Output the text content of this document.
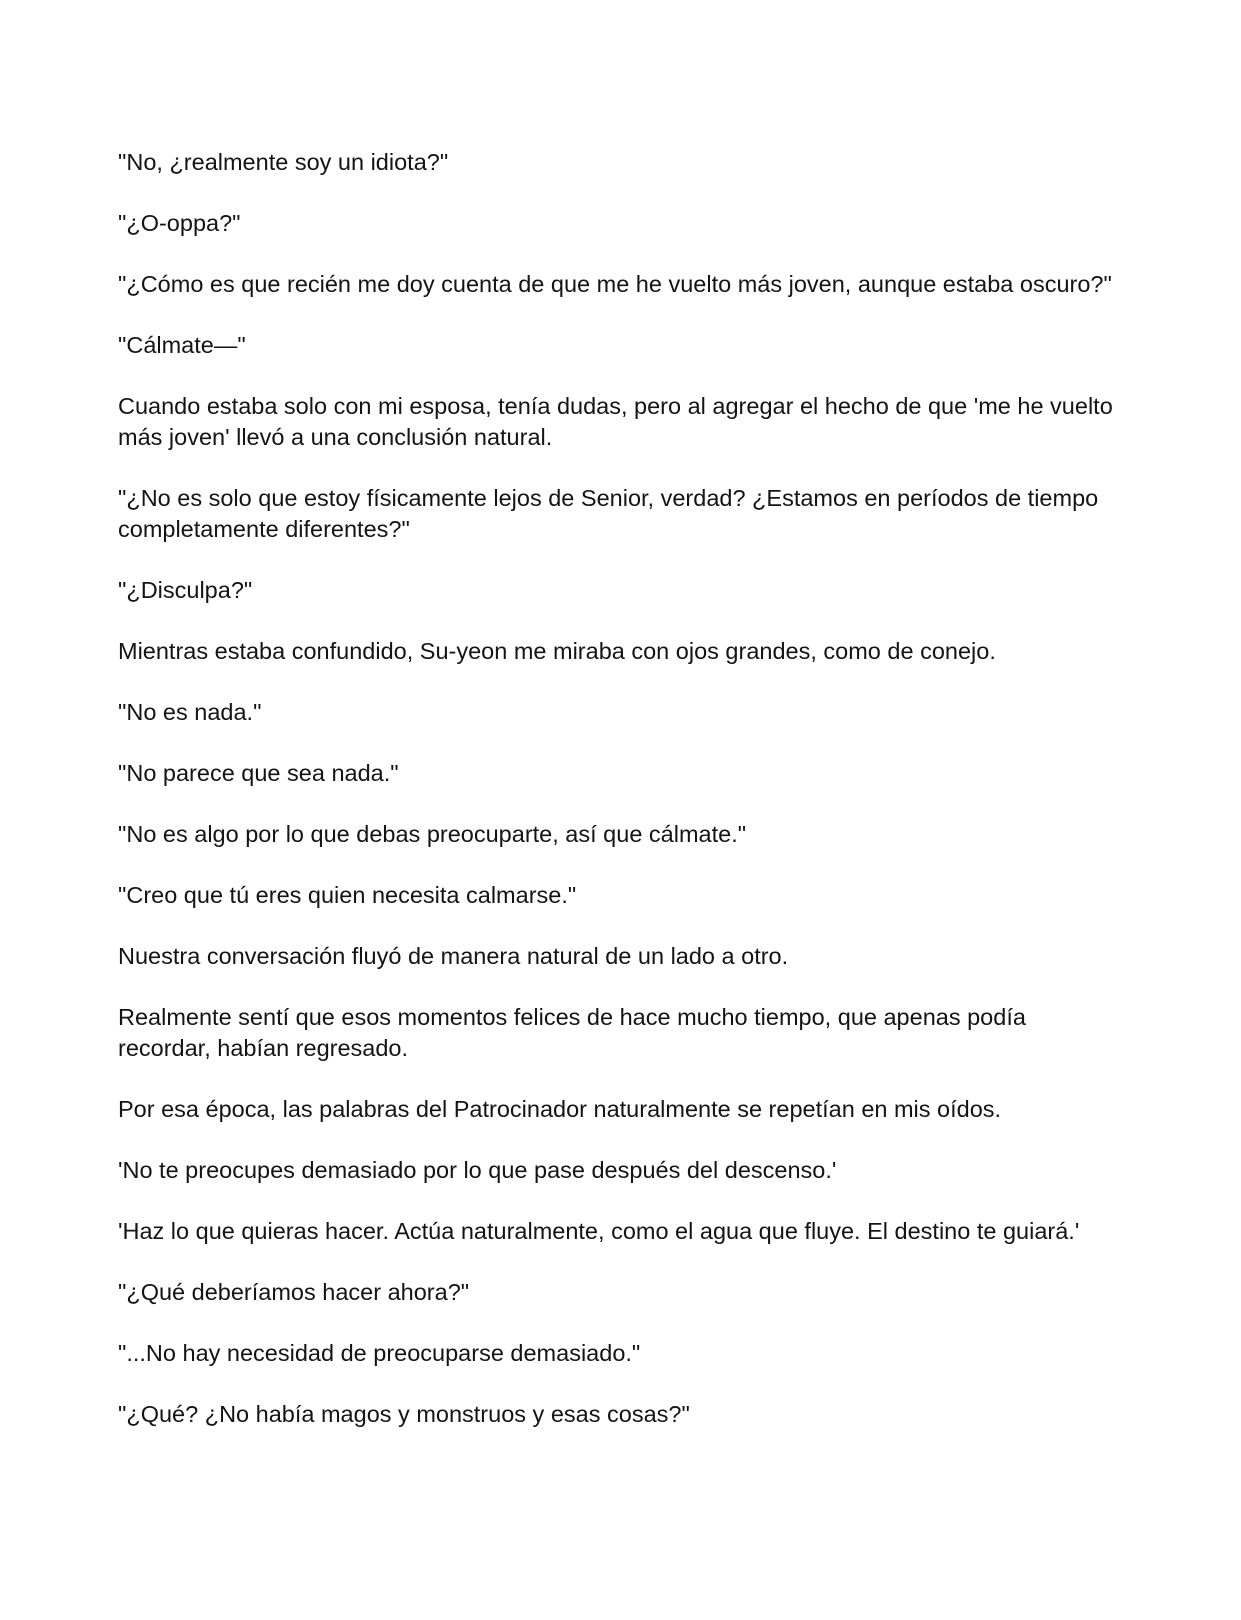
"No, ¿realmente soy un idiota?"

"¿O-oppa?"

"¿Cómo es que recién me doy cuenta de que me he vuelto más joven, aunque estaba oscuro?"

"Cálmate—"

Cuando estaba solo con mi esposa, tenía dudas, pero al agregar el hecho de que 'me he vuelto más joven' llevó a una conclusión natural.

"¿No es solo que estoy físicamente lejos de Senior, verdad? ¿Estamos en períodos de tiempo completamente diferentes?"

"¿Disculpa?"

Mientras estaba confundido, Su-yeon me miraba con ojos grandes, como de conejo.

"No es nada."

"No parece que sea nada."

"No es algo por lo que debas preocuparte, así que cálmate."

"Creo que tú eres quien necesita calmarse."

Nuestra conversación fluyó de manera natural de un lado a otro.

Realmente sentí que esos momentos felices de hace mucho tiempo, que apenas podía recordar, habían regresado.

Por esa época, las palabras del Patrocinador naturalmente se repetían en mis oídos.

'No te preocupes demasiado por lo que pase después del descenso.'

'Haz lo que quieras hacer. Actúa naturalmente, como el agua que fluye. El destino te guiará.'

"¿Qué deberíamos hacer ahora?"

"...No hay necesidad de preocuparse demasiado."

"¿Qué? ¿No había magos y monstruos y esas cosas?"
